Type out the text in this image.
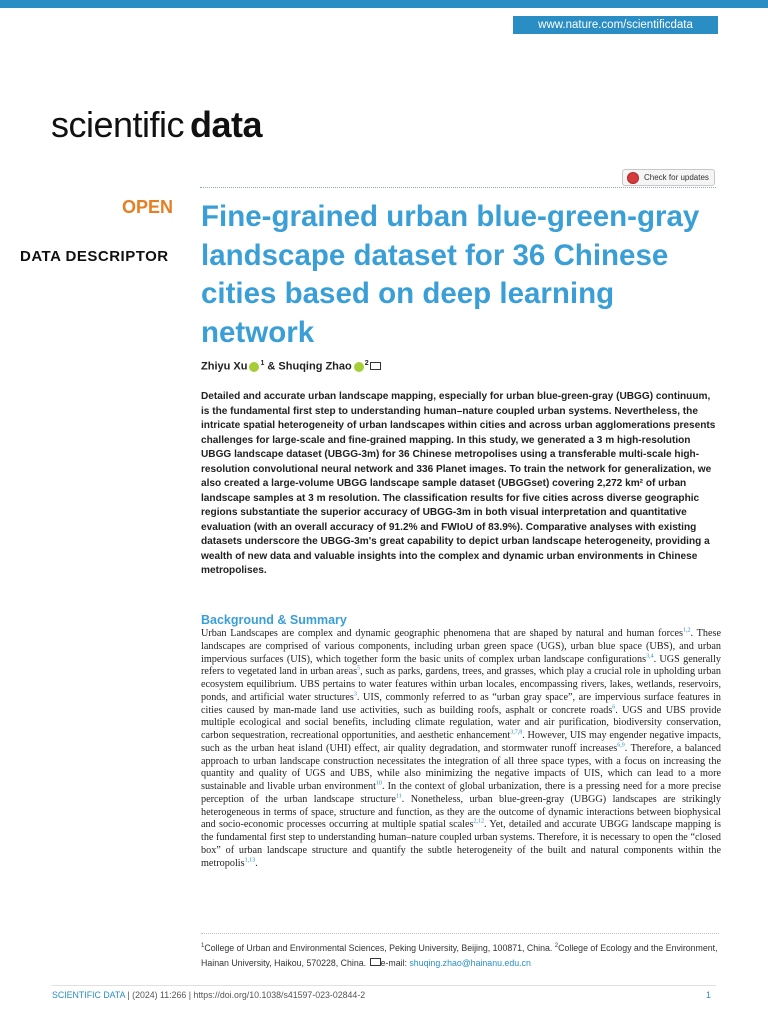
www.nature.com/scientificdata
scientific data
Check for updates
OPEN
DATA DESCRIPTOR
Fine-grained urban blue-green-gray landscape dataset for 36 Chinese cities based on deep learning network
Zhiyu Xu $^1$ & Shuqing Zhao $^2$

Detailed and accurate urban landscape mapping, especially for urban blue-green-gray (UBGG) continuum, is the fundamental first step to understanding human–nature coupled urban systems. Nevertheless, the intricate spatial heterogeneity of urban landscapes within cities and across urban agglomerations presents challenges for large-scale and fine-grained mapping. In this study, we generated a 3 m high-resolution UBGG landscape dataset (UBGG-3m) for 36 Chinese metropolises using a transferable multi-scale high-resolution convolutional neural network and 336 Planet images. To train the network for generalization, we also created a large-volume UBGG landscape sample dataset (UBGGset) covering 2,272 km² of urban landscape samples at 3 m resolution. The classification results for five cities across diverse geographic regions substantiate the superior accuracy of UBGG-3m in both visual interpretation and quantitative evaluation (with an overall accuracy of 91.2% and FWIoU of 83.9%). Comparative analyses with existing datasets underscore the UBGG-3m's great capability to depict urban landscape heterogeneity, providing a wealth of new data and valuable insights into the complex and dynamic urban environments in Chinese metropolises.

Background & Summary

Urban Landscapes are complex and dynamic geographic phenomena that are shaped by natural and human forces$^{1,2}$. These landscapes are comprised of various components, including urban green space (UGS), urban blue space (UBS), and urban impervious surfaces (UIS), which together form the basic units of complex urban landscape configurations$^{3,4}$. UGS generally refers to vegetated land in urban areas$^5$, such as parks, gardens, trees, and grasses, which play a crucial role in upholding urban ecosystem equilibrium. UBS pertains to water features within urban locales, encompassing rivers, lakes, wetlands, reservoirs, ponds, and artificial water structures$^3$. UIS, commonly referred to as “urban gray space”, are impervious surface features in cities caused by man-made land use activities, such as building roofs, asphalt or concrete roads$^6$. UGS and UBS provide multiple ecological and social benefits, including climate regulation, water and air purification, biodiversity conservation, carbon sequestration, recreational opportunities, and aesthetic enhancement$^{3,7,8}$. However, UIS may engender negative impacts, such as the urban heat island (UHI) effect, air quality degradation, and stormwater runoff increases$^{6,9}$. Therefore, a balanced approach to urban landscape construction necessitates the integration of all three space types, with a focus on increasing the quantity and quality of UGS and UBS, while also minimizing the negative impacts of UIS, which can lead to a more sustainable and livable urban environment$^{10}$. In the context of global urbanization, there is a pressing need for a more precise perception of the urban landscape structure$^{11}$. Nonetheless, urban blue-green-gray (UBGG) landscapes are strikingly heterogeneous in terms of space, structure and function, as they are the outcome of dynamic interactions between biophysical and socio-economic processes occurring at multiple spatial scales$^{2,12}$. Yet, detailed and accurate UBGG landscape mapping is the fundamental first step to understanding human–nature coupled urban systems. Therefore, it is necessary to open the “closed box” of urban landscape structure and quantify the subtle heterogeneity of the built and natural components within the metropolis$^{1,13}$.

$^1$College of Urban and Environmental Sciences, Peking University, Beijing, 100871, China. $^2$College of Ecology and the Environment, Hainan University, Haikou, 570228, China. e-mail: shuqing.zhao@hainanu.edu.cn

SCIENTIFIC DATA | (2024) 11:266 | https://doi.org/10.1038/s41597-023-02844-2	1
